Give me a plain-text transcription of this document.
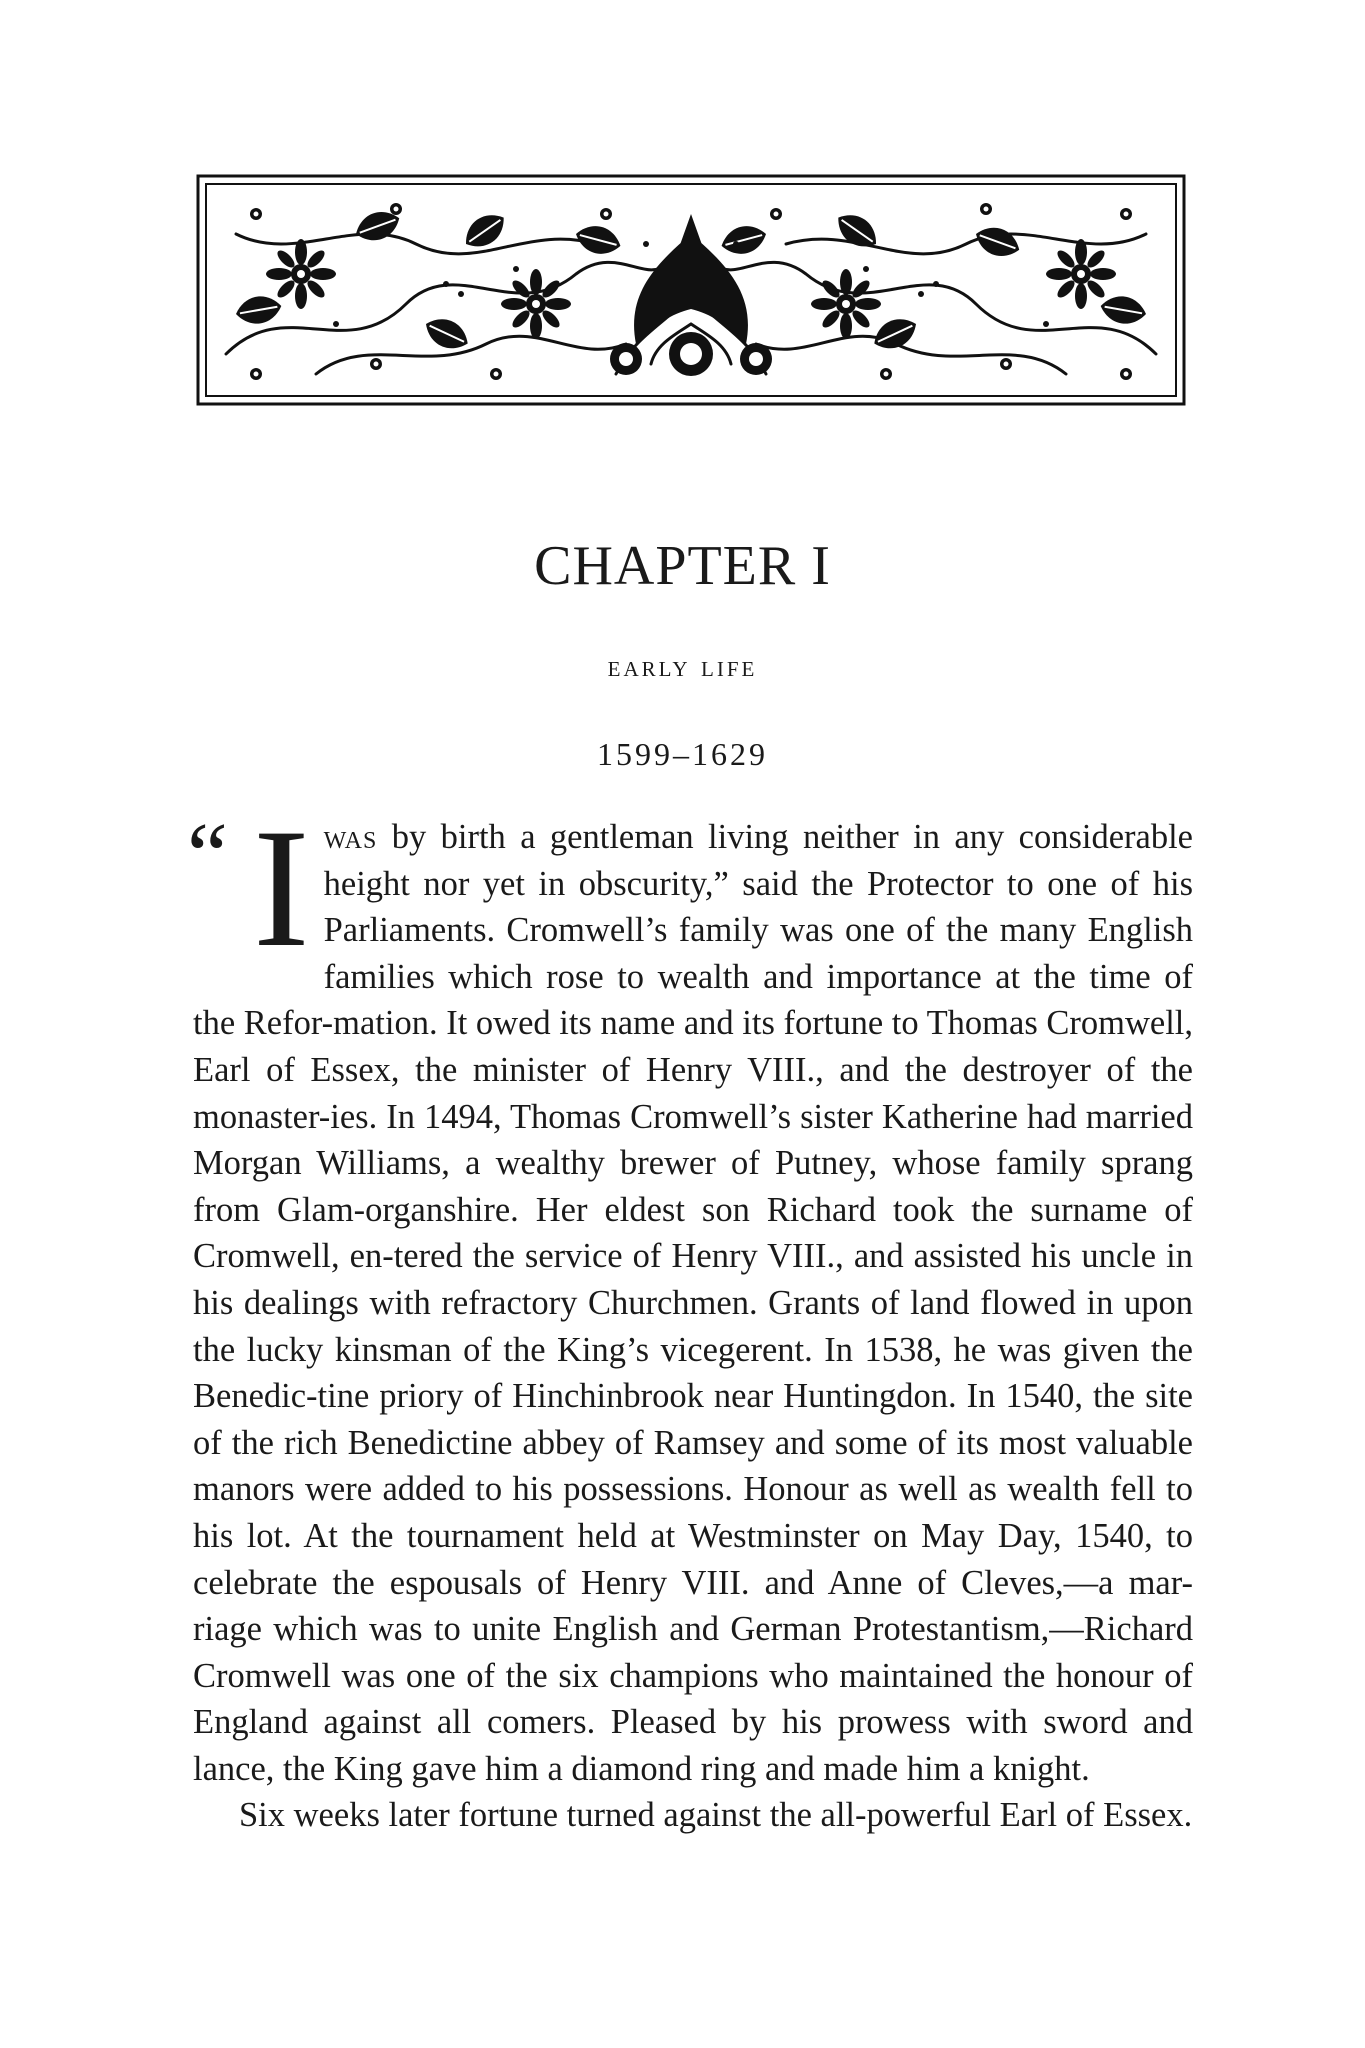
CHAPTER I
early life
1599–1629

“ I was by birth a gentleman living neither in any considerable height nor yet in obscurity,” said the Protector to one of his Parliaments. Cromwell’s family was one of the many English families which rose to wealth and importance at the time of the Refor-mation. It owed its name and its fortune to Thomas Cromwell, Earl of Essex, the minister of Henry VIII., and the destroyer of the monaster-ies. In 1494, Thomas Cromwell’s sister Katherine had married Morgan Williams, a wealthy brewer of Putney, whose family sprang from Glam-organshire. Her eldest son Richard took the surname of Cromwell, en-tered the service of Henry VIII., and assisted his uncle in his dealings with refractory Churchmen. Grants of land flowed in upon the lucky kinsman of the King’s vicegerent. In 1538, he was given the Benedic-tine priory of Hinchinbrook near Huntingdon. In 1540, the site of the rich Benedictine abbey of Ramsey and some of its most valuable manors were added to his possessions. Honour as well as wealth fell to his lot. At the tournament held at Westminster on May Day, 1540, to celebrate the espousals of Henry VIII. and Anne of Cleves,—a mar-riage which was to unite English and German Protestantism,—Richard Cromwell was one of the six champions who maintained the honour of England against all comers. Pleased by his prowess with sword and lance, the King gave him a diamond ring and made him a knight.

Six weeks later fortune turned against the all-powerful Earl of Essex.
